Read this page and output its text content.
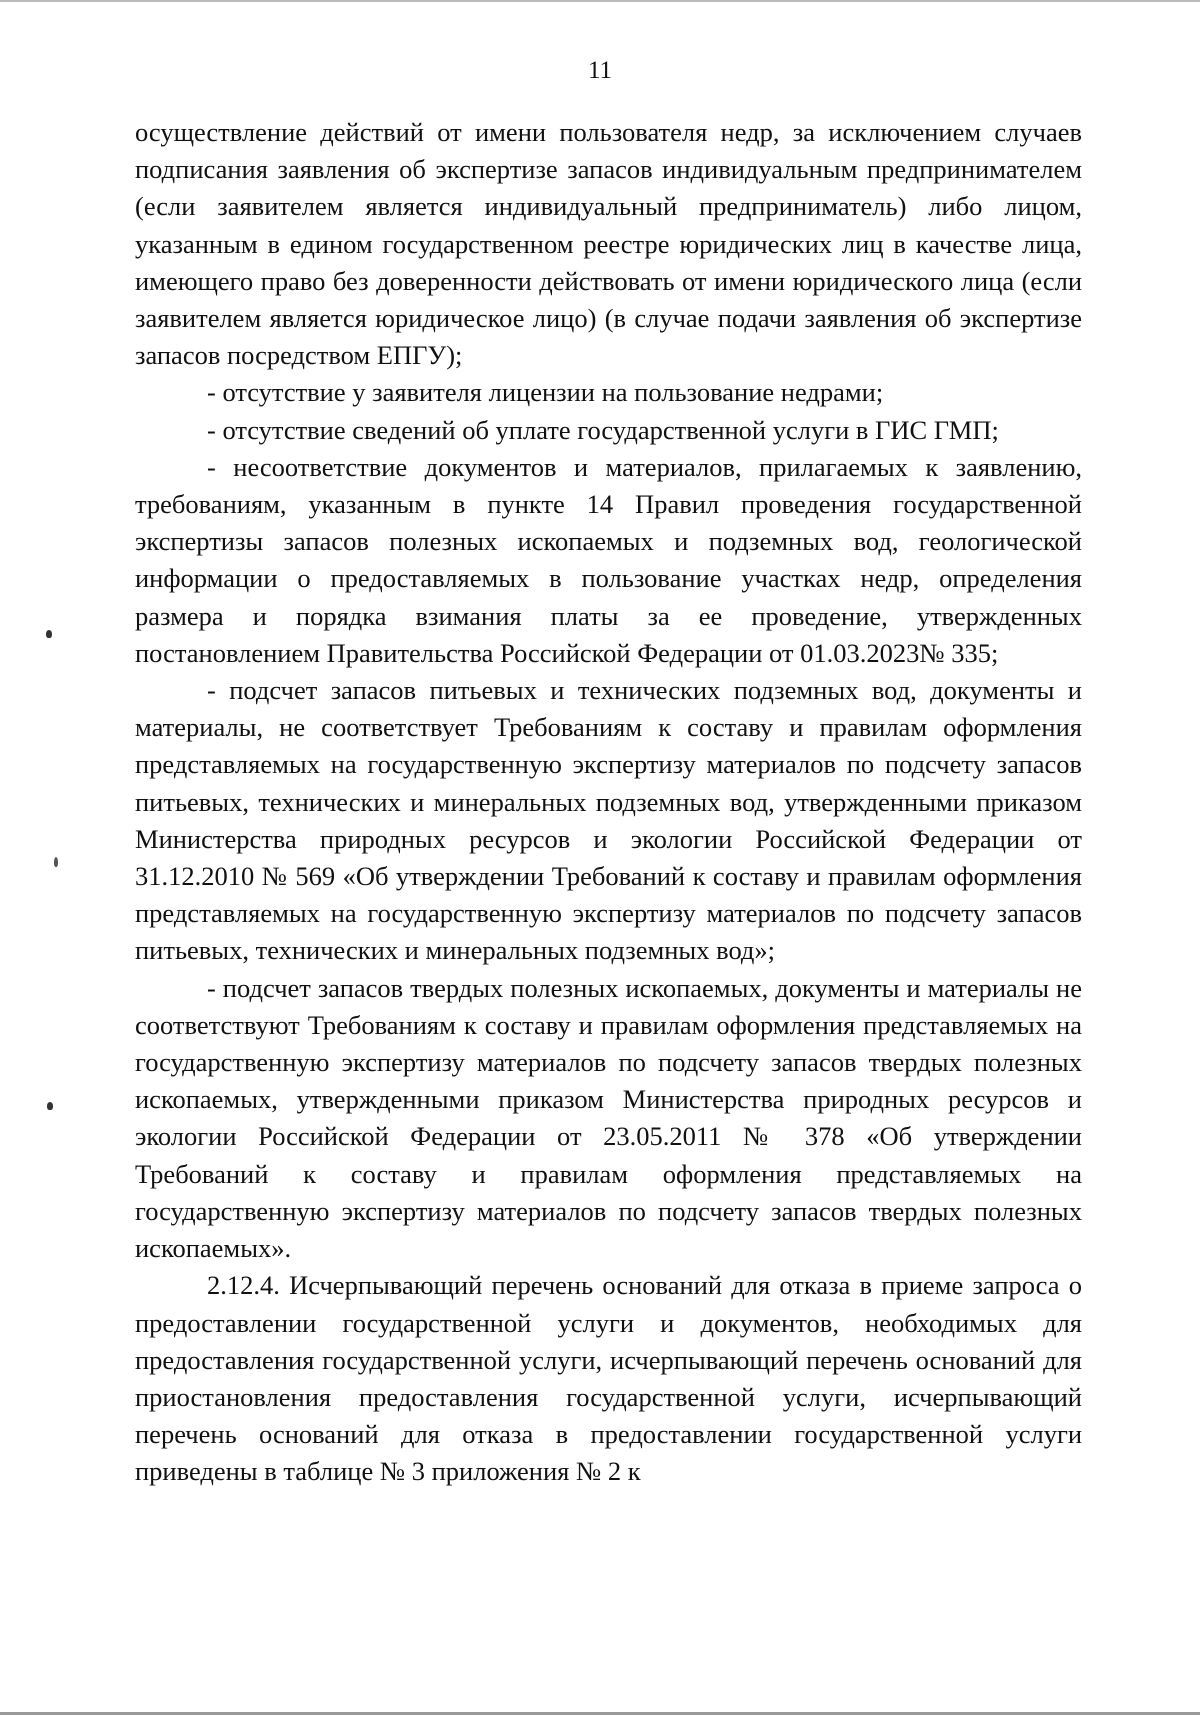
11

осуществление действий от имени пользователя недр, за исключением случаев подписания заявления об экспертизе запасов индивидуальным предпринимателем (если заявителем является индивидуальный предприниматель) либо лицом, указанным в едином государственном реестре юридических лиц в качестве лица, имеющего право без доверенности действовать от имени юридического лица (если заявителем является юридическое лицо) (в случае подачи заявления об экспертизе запасов посредством ЕПГУ);

- отсутствие у заявителя лицензии на пользование недрами;

- отсутствие сведений об уплате государственной услуги в ГИС ГМП;

- несоответствие документов и материалов, прилагаемых к заявлению, требованиям, указанным в пункте 14 Правил проведения государственной экспертизы запасов полезных ископаемых и подземных вод, геологической информации о предоставляемых в пользование участках недр, определения размера и порядка взимания платы за ее проведение, утвержденных постановлением Правительства Российской Федерации от 01.03.2023№ 335;

- подсчет запасов питьевых и технических подземных вод, документы и материалы, не соответствует Требованиям к составу и правилам оформления представляемых на государственную экспертизу материалов по подсчету запасов питьевых, технических и минеральных подземных вод, утвержденными приказом Министерства природных ресурсов и экологии Российской Федерации от 31.12.2010 № 569 «Об утверждении Требований к составу и правилам оформления представляемых на государственную экспертизу материалов по подсчету запасов питьевых, технических и минеральных подземных вод»;

- подсчет запасов твердых полезных ископаемых, документы и материалы не соответствуют Требованиям к составу и правилам оформления представляемых на государственную экспертизу материалов по подсчету запасов твердых полезных ископаемых, утвержденными приказом Министерства природных ресурсов и экологии Российской Федерации от 23.05.2011 № 378 «Об утверждении Требований к составу и правилам оформления представляемых на государственную экспертизу материалов по подсчету запасов твердых полезных ископаемых».

2.12.4. Исчерпывающий перечень оснований для отказа в приеме запроса о предоставлении государственной услуги и документов, необходимых для предоставления государственной услуги, исчерпывающий перечень оснований для приостановления предоставления государственной услуги, исчерпывающий перечень оснований для отказа в предоставлении государственной услуги приведены в таблице № 3 приложения № 2 к
